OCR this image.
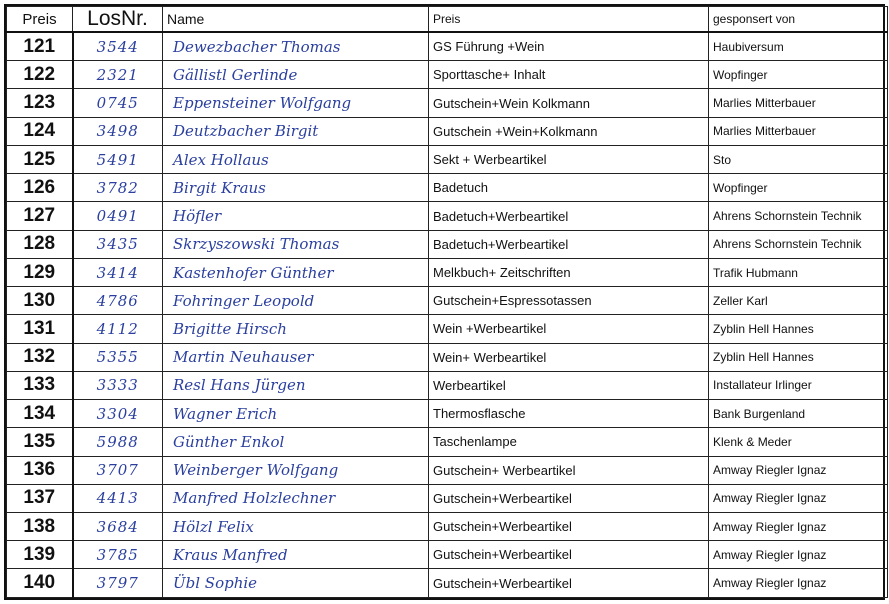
Preis	LosNr.	Name	Preis	gesponsert von
121	3544	Dewezbacher Thomas	GS Führung +Wein	Haubiversum
122	2321	Gällistl Gerlinde	Sporttasche+ Inhalt	Wopfinger
123	0745	Eppensteiner Wolfgang	Gutschein+Wein Kolkmann	Marlies Mitterbauer
124	3498	Deutzbacher Birgit	Gutschein +Wein+Kolkmann	Marlies Mitterbauer
125	5491	Alex Hollaus	Sekt + Werbeartikel	Sto
126	3782	Birgit Kraus	Badetuch	Wopfinger
127	0491	Höfler	Badetuch+Werbeartikel	Ahrens Schornstein Technik
128	3435	Skrzyszowski Thomas	Badetuch+Werbeartikel	Ahrens Schornstein Technik
129	3414	Kastenhofer Günther	Melkbuch+ Zeitschriften	Trafik Hubmann
130	4786	Fohringer Leopold	Gutschein+Espressotassen	Zeller Karl
131	4112	Brigitte Hirsch	Wein +Werbeartikel	Zyblin Hell Hannes
132	5355	Martin Neuhauser	Wein+ Werbeartikel	Zyblin Hell Hannes
133	3333	Resl Hans Jürgen	Werbeartikel	Installateur Irlinger
134	3304	Wagner Erich	Thermosflasche	Bank Burgenland
135	5988	Günther Enkol	Taschenlampe	Klenk & Meder
136	3707	Weinberger Wolfgang	Gutschein+ Werbeartikel	Amway Riegler Ignaz
137	4413	Manfred Holzlechner	Gutschein+Werbeartikel	Amway Riegler Ignaz
138	3684	Hölzl Felix	Gutschein+Werbeartikel	Amway Riegler Ignaz
139	3785	Kraus Manfred	Gutschein+Werbeartikel	Amway Riegler Ignaz
140	3797	Übl Sophie	Gutschein+Werbeartikel	Amway Riegler Ignaz
